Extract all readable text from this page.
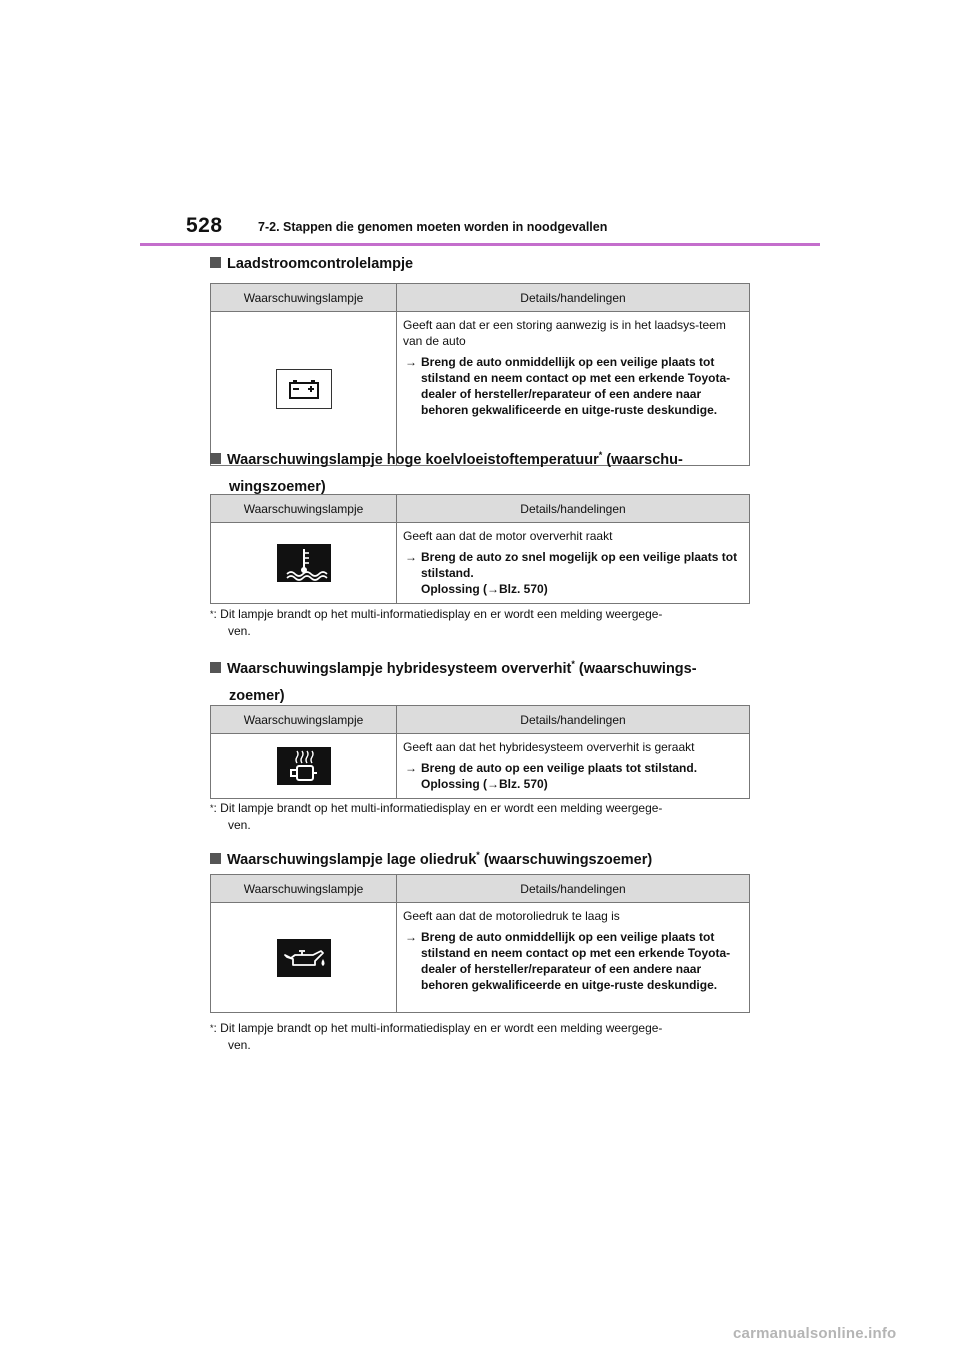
528	7-2. Stappen die genomen moeten worden in noodgevallen
Laadstroomcontrolelampje
Waarschuwingslampje	Details/handelingen

Geeft aan dat er een storing aanwezig is in het laadsys-teem van de auto
→ Breng de auto onmiddellijk op een veilige plaats tot stilstand en neem contact op met een erkende Toyota-dealer of hersteller/reparateur of een andere naar behoren gekwalificeerde en uitge-ruste deskundige.
Waarschuwingslampje hoge koelvloeistoftemperatuur* (waarschu-
wingszoemer)
Waarschuwingslampje	Details/handelingen

Geeft aan dat de motor oververhit raakt
→ Breng de auto zo snel mogelijk op een veilige plaats tot stilstand.
Oplossing (→Blz. 570)
*: Dit lampje brandt op het multi-informatiedisplay en er wordt een melding weergege-
ven.
Waarschuwingslampje hybridesysteem oververhit* (waarschuwings-
zoemer)
Waarschuwingslampje	Details/handelingen

Geeft aan dat het hybridesysteem oververhit is geraakt
→ Breng de auto op een veilige plaats tot stilstand.
Oplossing (→Blz. 570)
*: Dit lampje brandt op het multi-informatiedisplay en er wordt een melding weergege-
ven.
Waarschuwingslampje lage oliedruk* (waarschuwingszoemer)
Waarschuwingslampje	Details/handelingen

Geeft aan dat de motoroliedruk te laag is
→ Breng de auto onmiddellijk op een veilige plaats tot stilstand en neem contact op met een erkende Toyota-dealer of hersteller/reparateur of een andere naar behoren gekwalificeerde en uitge-ruste deskundige.
*: Dit lampje brandt op het multi-informatiedisplay en er wordt een melding weergege-
ven.
carmanualsonline.info
